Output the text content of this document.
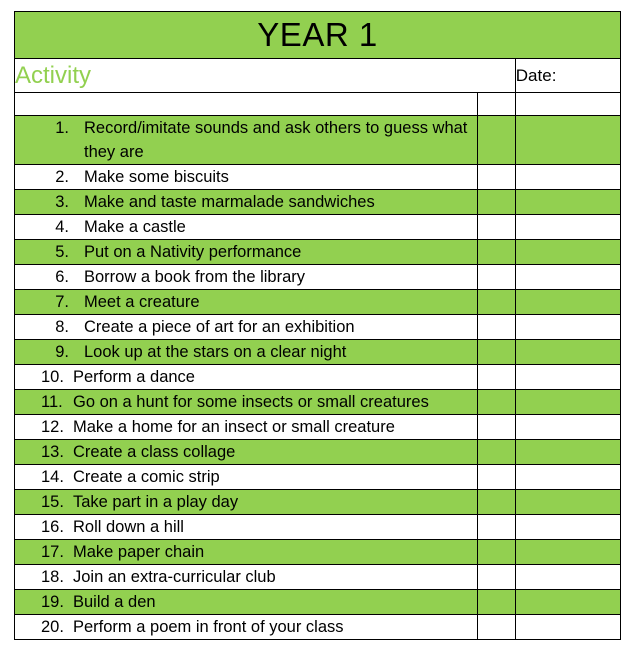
YEAR 1		
Activity		Date:

1. Record/imitate sounds and ask others to guess what they are		

2. Make some biscuits		

3. Make and taste marmalade sandwiches		

4. Make a castle		

5. Put on a Nativity performance		

6. Borrow a book from the library		

7. Meet a creature		

8. Create a piece of art for an exhibition		

9. Look up at the stars on a clear night		

10. Perform a dance		

11. Go on a hunt for some insects or small creatures		

12. Make a home for an insect or small creature		

13. Create a class collage		

14. Create a comic strip		

15. Take part in a play day		

16. Roll down a hill		

17. Make paper chain		

18. Join an extra-curricular club		

19. Build a den		

20. Perform a poem in front of your class		
